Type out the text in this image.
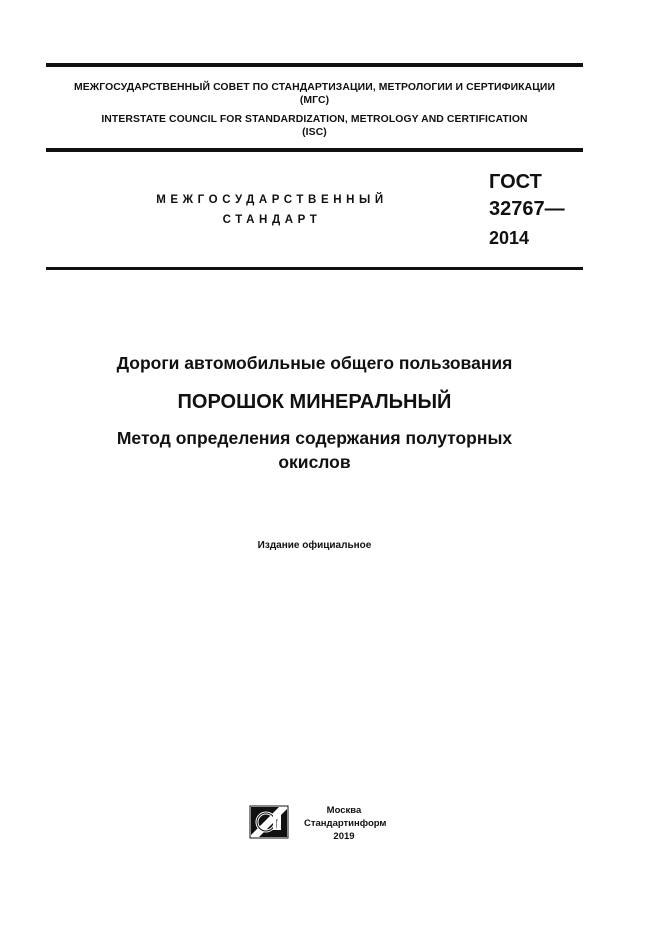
МЕЖГОСУДАРСТВЕННЫЙ СОВЕТ ПО СТАНДАРТИЗАЦИИ, МЕТРОЛОГИИ И СЕРТИФИКАЦИИ
(МГС)
INTERSTATE COUNCIL FOR STANDARDIZATION, METROLOGY AND CERTIFICATION
(ISC)
МЕЖГОСУДАРСТВЕННЫЙ
СТАНДАРТ
ГОСТ
32767—
2014
Дороги автомобильные общего пользования
ПОРОШОК МИНЕРАЛЬНЫЙ
Метод определения содержания полуторных
окислов
Издание официальное
Москва
Стандартинформ
2019
